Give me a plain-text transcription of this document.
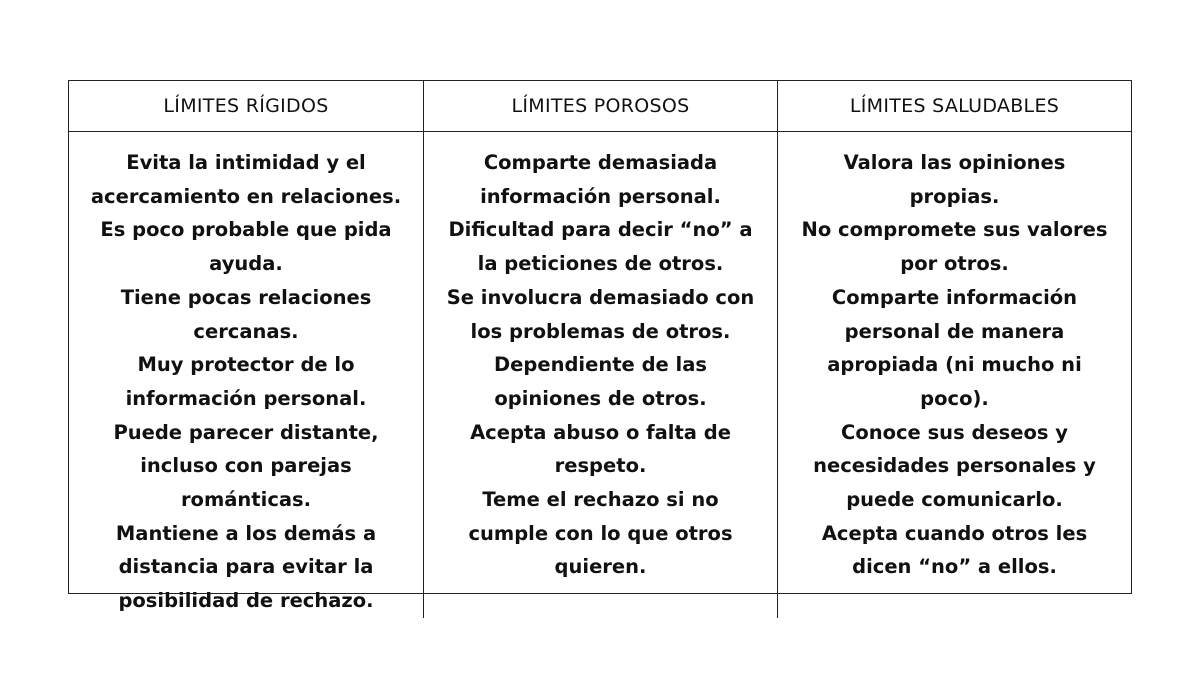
LÍMITES RÍGIDOS	LÍMITES POROSOS	LÍMITES SALUDABLES
Evita la intimidad y el
acercamiento en relaciones.
Es poco probable que pida
ayuda.
Tiene pocas relaciones
cercanas.
Muy protector de lo
información personal.
Puede parecer distante,
incluso con parejas
románticas.
Mantiene a los demás a
distancia para evitar la
posibilidad de rechazo.
Comparte demasiada
información personal.
Dificultad para decir “no” a
la peticiones de otros.
Se involucra demasiado con
los problemas de otros.
Dependiente de las
opiniones de otros.
Acepta abuso o falta de
respeto.
Teme el rechazo si no
cumple con lo que otros
quieren.
Valora las opiniones
propias.
No compromete sus valores
por otros.
Comparte información
personal de manera
apropiada (ni mucho ni
poco).
Conoce sus deseos y
necesidades personales y
puede comunicarlo.
Acepta cuando otros les
dicen “no” a ellos.
